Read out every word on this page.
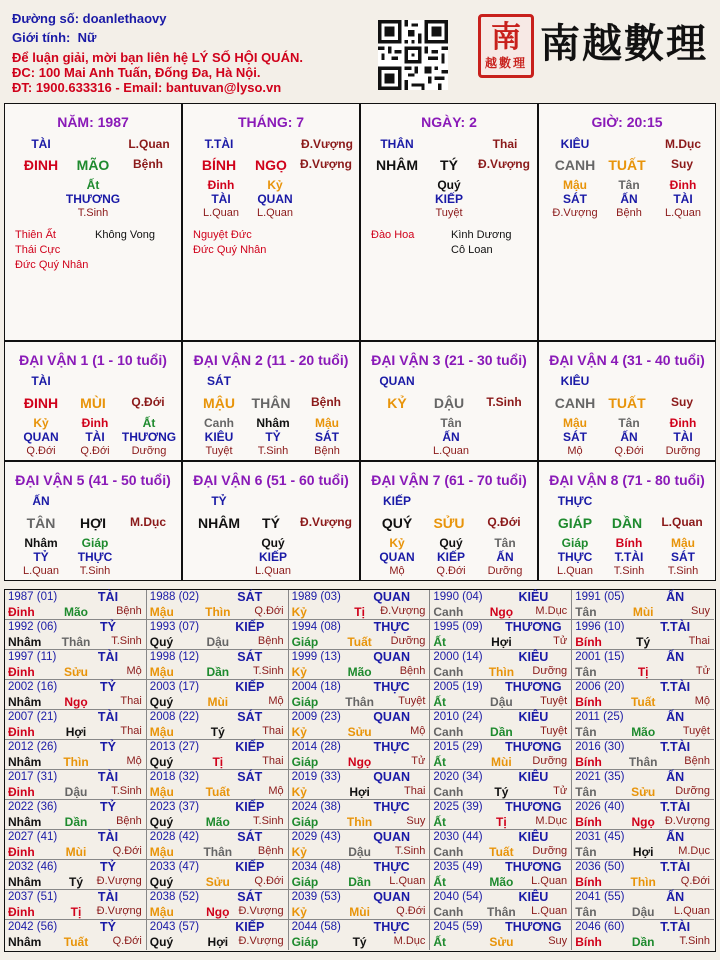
Đường số: doanlethaovy
Giới tính: Nữ
Để luận giải, mời bạn liên hệ LÝ SỐ HỘI QUÁN.
ĐC: 100 Mai Anh Tuấn, Đống Đa, Hà Nội.
ĐT: 1900.633316 - Email: bantuvan@lyso.vn
南
越數理 南越數理
NĂM: 1987
TÀI	L.Quan
ĐINH	MÃO	Bệnh
Ất
THƯƠNG
T.Sinh
Thiên Ất
Thái Cực
Đức Quý Nhân
Không Vong
THÁNG: 7
T.TÀI	Đ.Vượng
BÍNH	NGỌ	Đ.Vượng
Đinh
TÀI
L.Quan
Kỷ
QUAN
L.Quan
Nguyệt Đức
Đức Quý Nhân
NGÀY: 2
THÂN	Thai
NHÂM	TÝ	Đ.Vượng
Quý
KIẾP
Tuyệt
Đào Hoa	Kình Dương
Cô Loan
GIỜ: 20:15
KIÊU	M.Dục
CANH TUẤT	Suy
Mậu
SÁT
Đ.Vượng
Tân
ẤN
Bệnh
Đinh
TÀI
L.Quan
ĐẠI VẬN 1 (1 - 10 tuổi)
TÀI
ĐINH	MÙI	Q.Đới
Kỷ
QUAN
Q.Đới
Đinh
TÀI
Q.Đới
Ất
THƯƠNG
Dưỡng
ĐẠI VẬN 2 (11 - 20 tuổi)
SÁT
MẬU	THÂN	Bệnh
Canh
KIÊU
Tuyệt
Nhâm
TỶ
T.Sinh
Mậu
SÁT
Bệnh
ĐẠI VẬN 3 (21 - 30 tuổi)
QUAN
KỶ	DẬU	T.Sinh
Tân
ẤN
L.Quan
ĐẠI VẬN 4 (31 - 40 tuổi)
KIÊU
CANH TUẤT	Suy
Mậu
SÁT
Mộ
Tân
ẤN
Q.Đới
Đinh
TÀI
Dưỡng
ĐẠI VẬN 5 (41 - 50 tuổi)
ẤN
TÂN	HỢI	M.Dục
Nhâm
TỶ
L.Quan
Giáp
THỰC
T.Sinh
ĐẠI VẬN 6 (51 - 60 tuổi)
TỶ
NHÂM	TÝ	Đ.Vượng
Quý
KIẾP
L.Quan
ĐẠI VẬN 7 (61 - 70 tuổi)
KIẾP
QUÝ	SỬU	Q.Đới
Kỷ
QUAN
Mộ
Quý
KIẾP
Q.Đới
Tân
ẤN
Dưỡng
ĐẠI VẬN 8 (71 - 80 tuổi)
THỰC
GIÁP	DẦN	L.Quan
Giáp
THỰC
L.Quan
Bính
T.TÀI
T.Sinh
Mậu
SÁT
T.Sinh
1987 (01)	TÀI
Đinh	Mão	Bệnh
1988 (02)	SÁT
Mậu	Thìn	Q.Đới
1989 (03)	QUAN
Kỷ	Tị	Đ.Vượng
1990 (04)	KIÊU
Canh	Ngọ	M.Dục
1991 (05)	ẤN
Tân	Mùi	Suy
1992 (06)	TỶ
Nhâm	Thân	T.Sinh
1993 (07)	KIẾP
Quý	Dậu	Bệnh
1994 (08)	THỰC
Giáp	Tuất	Dưỡng
1995 (09)	THƯƠNG
Ất	Hợi	Tử
1996 (10)	T.TÀI
Bính	Tý	Thai
1997 (11)	TÀI
Đinh	Sửu	Mộ
1998 (12)	SÁT
Mậu	Dần	T.Sinh
1999 (13)	QUAN
Kỷ	Mão	Bệnh
2000 (14)	KIÊU
Canh	Thìn	Dưỡng
2001 (15)	ẤN
Tân	Tị	Tử
2002 (16)	TỶ
Nhâm	Ngọ	Thai
2003 (17)	KIẾP
Quý	Mùi	Mộ
2004 (18)	THỰC
Giáp	Thân	Tuyệt
2005 (19)	THƯƠNG
Ất	Dậu	Tuyệt
2006 (20)	T.TÀI
Bính	Tuất	Mộ
2007 (21)	TÀI
Đinh	Hợi	Thai
2008 (22)	SÁT
Mậu	Tý	Thai
2009 (23)	QUAN
Kỷ	Sửu	Mộ
2010 (24)	KIÊU
Canh	Dần	Tuyệt
2011 (25)	ẤN
Tân	Mão	Tuyệt
2012 (26)	TỶ
Nhâm	Thìn	Mộ
2013 (27)	KIẾP
Quý	Tị	Thai
2014 (28)	THỰC
Giáp	Ngọ	Tử
2015 (29)	THƯƠNG
Ất	Mùi	Dưỡng
2016 (30)	T.TÀI
Bính	Thân	Bệnh
2017 (31)	TÀI
Đinh	Dậu	T.Sinh
2018 (32)	SÁT
Mậu	Tuất	Mộ
2019 (33)	QUAN
Kỷ	Hợi	Thai
2020 (34)	KIÊU
Canh	Tý	Tử
2021 (35)	ẤN
Tân	Sửu	Dưỡng
2022 (36)	TỶ
Nhâm	Dần	Bệnh
2023 (37)	KIẾP
Quý	Mão	T.Sinh
2024 (38)	THỰC
Giáp	Thìn	Suy
2025 (39)	THƯƠNG
Ất	Tị	M.Dục
2026 (40)	T.TÀI
Bính	Ngọ Đ.Vượng
2027 (41)	TÀI
Đinh	Mùi	Q.Đới
2028 (42)	SÁT
Mậu	Thân	Bệnh
2029 (43)	QUAN
Kỷ	Dậu	T.Sinh
2030 (44)	KIÊU
Canh	Tuất	Dưỡng
2031 (45)	ẤN
Tân	Hợi	M.Dục
2032 (46)	TỶ
Nhâm	Tý	Đ.Vượng
2033 (47)	KIẾP
Quý	Sửu	Q.Đới
2034 (48)	THỰC
Giáp	Dần	L.Quan
2035 (49)	THƯƠNG
Ất	Mão	L.Quan
2036 (50)	T.TÀI
Bính	Thìn	Q.Đới
2037 (51)	TÀI
Đinh	Tị	Đ.Vượng
2038 (52)	SÁT
Mậu	Ngọ Đ.Vượng
2039 (53)	QUAN
Kỷ	Mùi	Q.Đới
2040 (54)	KIÊU
Canh	Thân	L.Quan
2041 (55)	ẤN
Tân	Dậu	L.Quan
2042 (56)	TỶ
Nhâm	Tuất	Q.Đới
2043 (57)	KIẾP
Quý	Hợi Đ.Vượng
2044 (58)	THỰC
Giáp	Tý	M.Dục
2045 (59)	THƯƠNG
Ất	Sửu	Suy
2046 (60)	T.TÀI
Bính	Dần	T.Sinh
